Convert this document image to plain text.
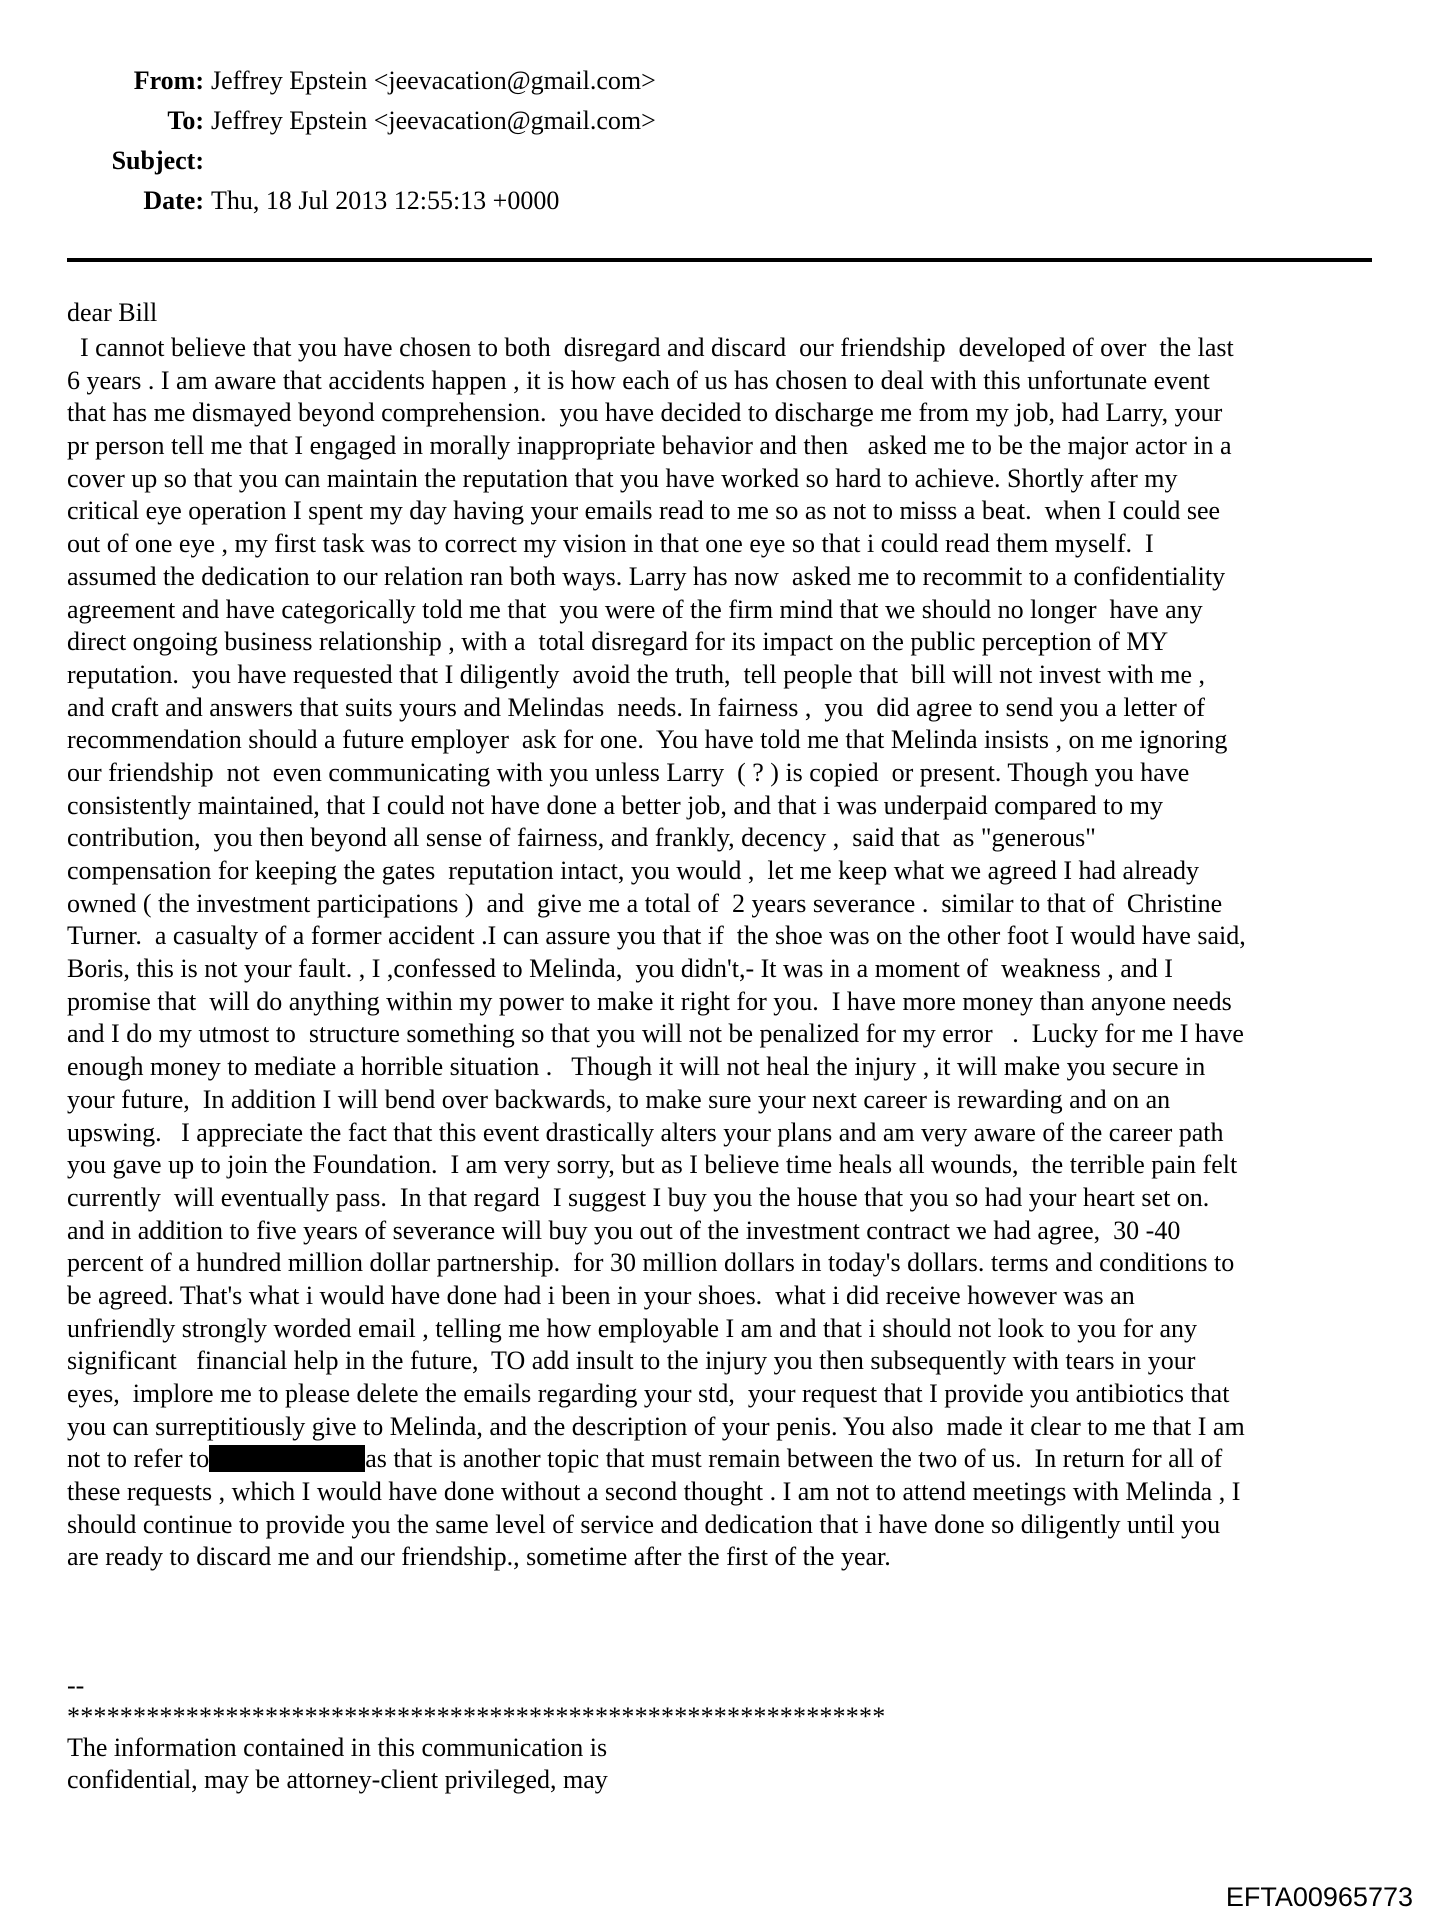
From: Jeffrey Epstein <jeevacation@gmail.com>
To: Jeffrey Epstein <jeevacation@gmail.com>
Subject:
Date: Thu, 18 Jul 2013 12:55:13 +0000
dear Bill
I cannot believe that you have chosen to both  disregard and discard  our friendship  developed of over  the last
6 years . I am aware that accidents happen , it is how each of us has chosen to deal with this unfortunate event
that has me dismayed beyond comprehension.  you have decided to discharge me from my job, had Larry, your
pr person tell me that I engaged in morally inappropriate behavior and then   asked me to be the major actor in a
cover up so that you can maintain the reputation that you have worked so hard to achieve. Shortly after my
critical eye operation I spent my day having your emails read to me so as not to misss a beat.  when I could see
out of one eye , my first task was to correct my vision in that one eye so that i could read them myself.  I
assumed the dedication to our relation ran both ways. Larry has now  asked me to recommit to a confidentiality
agreement and have categorically told me that  you were of the firm mind that we should no longer  have any
direct ongoing business relationship , with a  total disregard for its impact on the public perception of MY
reputation.  you have requested that I diligently  avoid the truth,  tell people that  bill will not invest with me ,
and craft and answers that suits yours and Melindas  needs. In fairness ,  you  did agree to send you a letter of
recommendation should a future employer  ask for one.  You have told me that Melinda insists , on me ignoring
our friendship  not  even communicating with you unless Larry  ( ? ) is copied  or present. Though you have
consistently maintained, that I could not have done a better job, and that i was underpaid compared to my
contribution,  you then beyond all sense of fairness, and frankly, decency ,  said that  as "generous"
compensation for keeping the gates  reputation intact, you would ,  let me keep what we agreed I had already
owned ( the investment participations )  and  give me a total of  2 years severance .  similar to that of  Christine
Turner.  a casualty of a former accident .I can assure you that if  the shoe was on the other foot I would have said,
Boris, this is not your fault. , I ,confessed to Melinda,  you didn't,- It was in a moment of  weakness , and I
promise that  will do anything within my power to make it right for you.  I have more money than anyone needs
and I do my utmost to  structure something so that you will not be penalized for my error   .  Lucky for me I have
enough money to mediate a horrible situation .   Though it will not heal the injury , it will make you secure in
your future,  In addition I will bend over backwards, to make sure your next career is rewarding and on an
upswing.   I appreciate the fact that this event drastically alters your plans and am very aware of the career path
you gave up to join the Foundation.  I am very sorry, but as I believe time heals all wounds,  the terrible pain felt
currently  will eventually pass.  In that regard  I suggest I buy you the house that you so had your heart set on.
and in addition to five years of severance will buy you out of the investment contract we had agree,  30 -40
percent of a hundred million dollar partnership.  for 30 million dollars in today's dollars. terms and conditions to
be agreed. That's what i would have done had i been in your shoes.  what i did receive however was an
unfriendly strongly worded email , telling me how employable I am and that i should not look to you for any
significant   financial help in the future,  TO add insult to the injury you then subsequently with tears in your
eyes,  implore me to please delete the emails regarding your std,  your request that I provide you antibiotics that
you can surreptitiously give to Melinda, and the description of your penis. You also  made it clear to me that I am
not to refer to	as that is another topic that must remain between the two of us.  In return for all of
these requests , which I would have done without a second thought . I am not to attend meetings with Melinda , I
should continue to provide you the same level of service and dedication that i have done so diligently until you
are ready to discard me and our friendship., sometime after the first of the year.
--
**************************************************************
The information contained in this communication is
confidential, may be attorney-client privileged, may
EFTA00965773
